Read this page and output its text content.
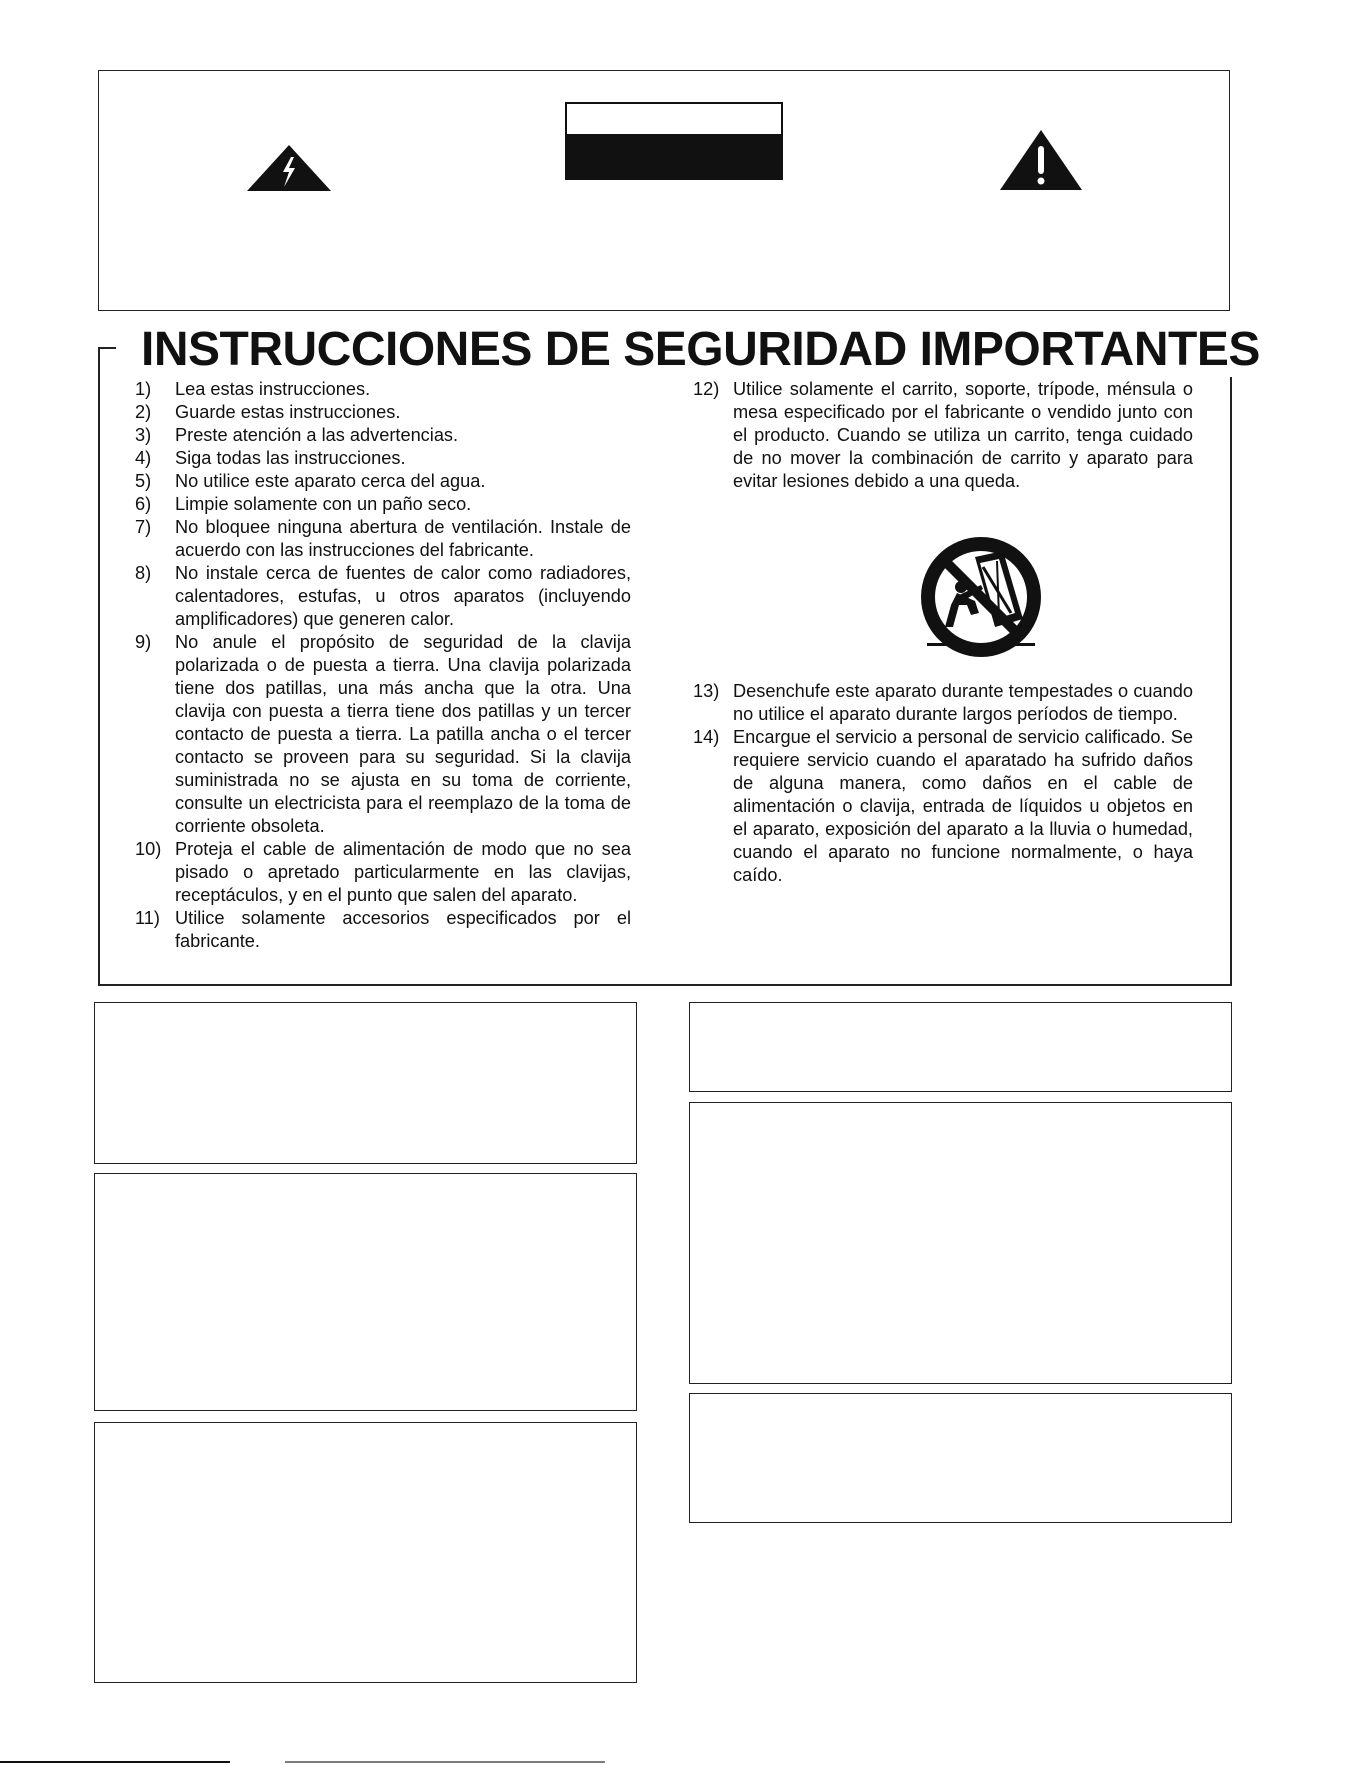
INSTRUCCIONES DE SEGURIDAD IMPORTANTES
1)	Lea estas instrucciones.
2)	Guarde estas instrucciones.
3)	Preste atención a las advertencias.
4)	Siga todas las instrucciones.
5)	No utilice este aparato cerca del agua.
6)	Limpie solamente con un paño seco.
7)	No bloquee ninguna abertura de ventilación. Instale de acuerdo con las instrucciones del fabricante.
8)	No instale cerca de fuentes de calor como radiadores, calentadores, estufas, u otros aparatos (incluyendo amplificadores) que generen calor.
9)	No anule el propósito de seguridad de la clavija polarizada o de puesta a tierra. Una clavija polarizada tiene dos patillas, una más ancha que la otra. Una clavija con puesta a tierra tiene dos patillas y un tercer contacto de puesta a tierra. La patilla ancha o el tercer contacto se proveen para su seguridad. Si la clavija suministrada no se ajusta en su toma de corriente, consulte un electricista para el reemplazo de la toma de corriente obsoleta.
10) Proteja el cable de alimentación de modo que no sea pisado o apretado particularmente en las clavijas, receptáculos, y en el punto que salen del aparato.
11) Utilice solamente accesorios especificados por el fabricante.
12) Utilice solamente el carrito, soporte, trípode, ménsula o mesa especificado por el fabricante o vendido junto con el producto. Cuando se utiliza un carrito, tenga cuidado de no mover la combinación de carrito y aparato para evitar lesiones debido a una queda.
13) Desenchufe este aparato durante tempestades o cuando no utilice el aparato durante largos períodos de tiempo.
14) Encargue el servicio a personal de servicio calificado. Se requiere servicio cuando el aparatado ha sufrido daños de alguna manera, como daños en el cable de alimentación o clavija, entrada de líquidos u objetos en el aparato, exposición del aparato a la lluvia o humedad, cuando el aparato no funcione normalmente, o haya caído.
